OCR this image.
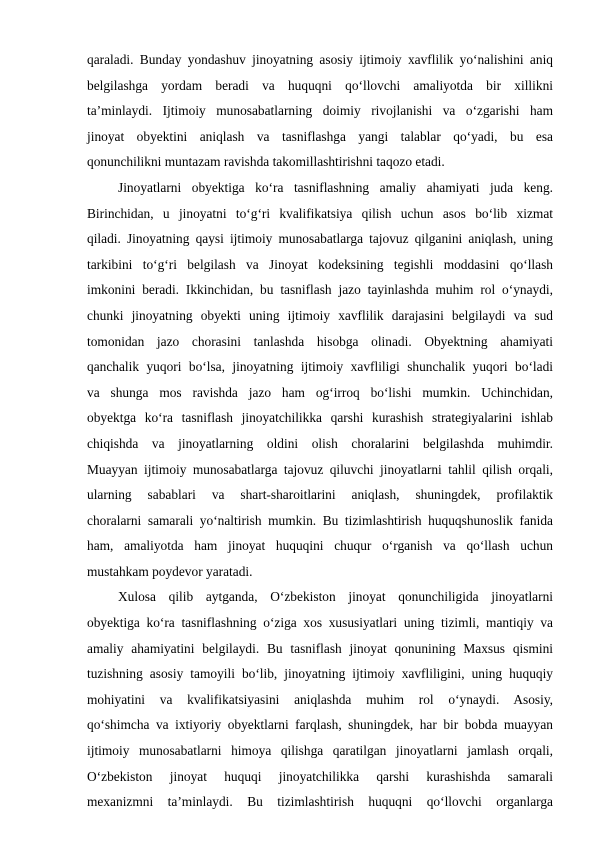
qaraladi. Bunday yondashuv jinoyatning asosiy ijtimoiy xavflilik yo‘nalishini aniq
belgilashga yordam beradi va huquqni qo‘llovchi amaliyotda bir xillikni
taʼminlaydi. Ijtimoiy munosabatlarning doimiy rivojlanishi va o‘zgarishi ham
jinoyat obyektini aniqlash va tasniflashga yangi talablar qo‘yadi, bu esa
qonunchilikni muntazam ravishda takomillashtirishni taqozo etadi.

Jinoyatlarni obyektiga ko‘ra tasniflashning amaliy ahamiyati juda keng.
Birinchidan, u jinoyatni to‘g‘ri kvalifikatsiya qilish uchun asos bo‘lib xizmat
qiladi. Jinoyatning qaysi ijtimoiy munosabatlarga tajovuz qilganini aniqlash, uning
tarkibini to‘g‘ri belgilash va Jinoyat kodeksining tegishli moddasini qo‘llash
imkonini beradi. Ikkinchidan, bu tasniflash jazo tayinlashda muhim rol o‘ynaydi,
chunki jinoyatning obyekti uning ijtimoiy xavflilik darajasini belgilaydi va sud
tomonidan jazo chorasini tanlashda hisobga olinadi. Obyektning ahamiyati
qanchalik yuqori bo‘lsa, jinoyatning ijtimoiy xavfliligi shunchalik yuqori bo‘ladi
va shunga mos ravishda jazo ham og‘irroq bo‘lishi mumkin. Uchinchidan,
obyektga ko‘ra tasniflash jinoyatchilikka qarshi kurashish strategiyalarini ishlab
chiqishda va jinoyatlarning oldini olish choralarini belgilashda muhimdir.
Muayyan ijtimoiy munosabatlarga tajovuz qiluvchi jinoyatlarni tahlil qilish orqali,
ularning sabablari va shart-sharoitlarini aniqlash, shuningdek, profilaktik
choralarni samarali yo‘naltirish mumkin. Bu tizimlashtirish huquqshunoslik fanida
ham, amaliyotda ham jinoyat huquqini chuqur o‘rganish va qo‘llash uchun
mustahkam poydevor yaratadi.

Xulosa qilib aytganda, O‘zbekiston jinoyat qonunchiligida jinoyatlarni
obyektiga ko‘ra tasniflashning o‘ziga xos xususiyatlari uning tizimli, mantiqiy va
amaliy ahamiyatini belgilaydi. Bu tasniflash jinoyat qonunining Maxsus qismini
tuzishning asosiy tamoyili bo‘lib, jinoyatning ijtimoiy xavfliligini, uning huquqiy
mohiyatini va kvalifikatsiyasini aniqlashda muhim rol o‘ynaydi. Asosiy,
qo‘shimcha va ixtiyoriy obyektlarni farqlash, shuningdek, har bir bobda muayyan
ijtimoiy munosabatlarni himoya qilishga qaratilgan jinoyatlarni jamlash orqali,
O‘zbekiston jinoyat huquqi jinoyatchilikka qarshi kurashishda samarali
mexanizmni taʼminlaydi. Bu tizimlashtirish huquqni qo‘llovchi organlarga
